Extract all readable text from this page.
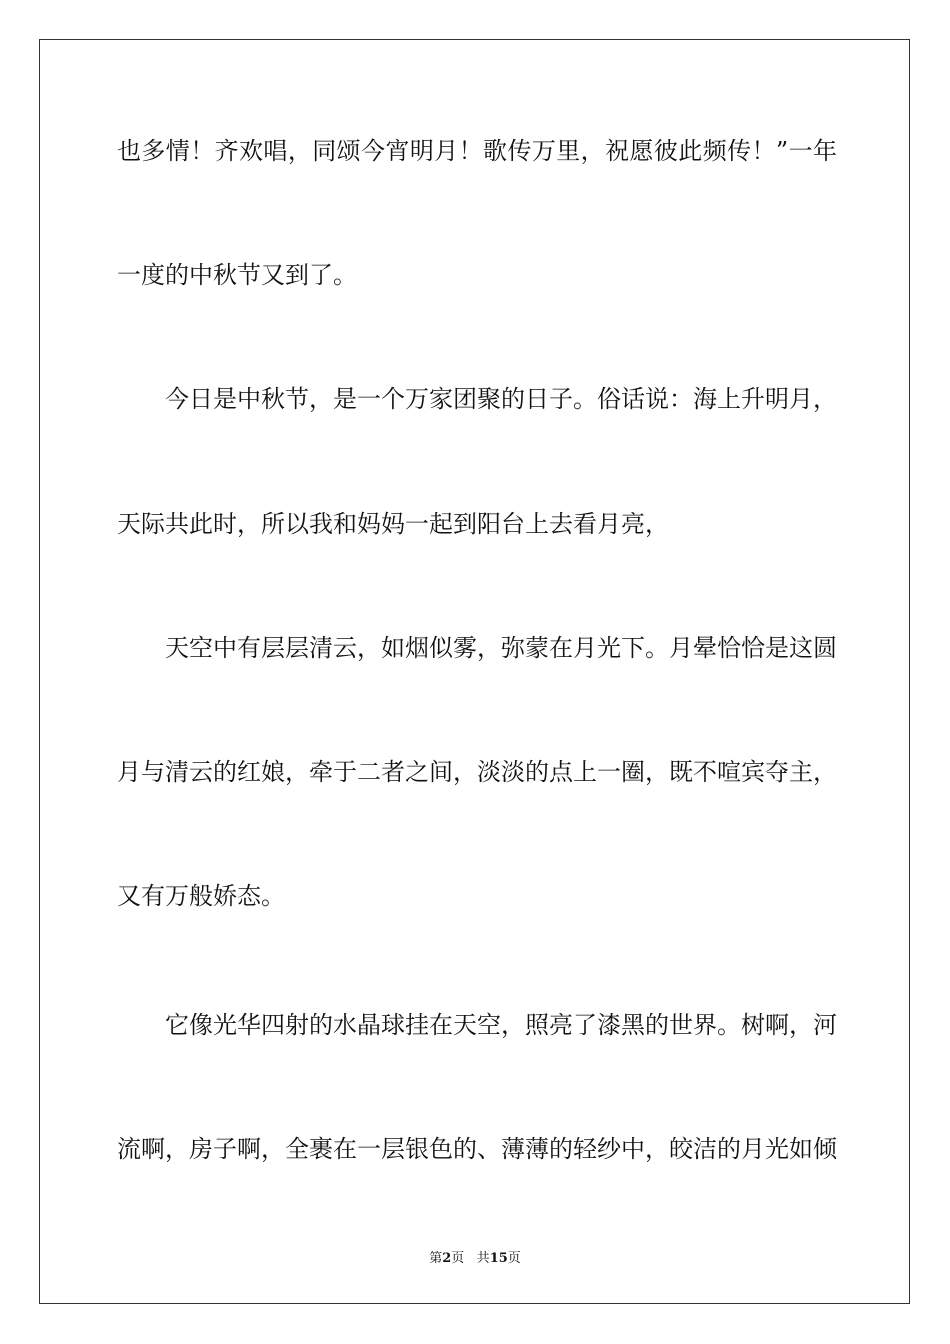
也多情！齐欢唱，同颂今宵明月！歌传万里，祝愿彼此频传！”一年
一度的中秋节又到了。
今日是中秋节，是一个万家团聚的日子。俗话说：海上升明月，
天际共此时，所以我和妈妈一起到阳台上去看月亮，
天空中有层层清云，如烟似雾，弥蒙在月光下。月晕恰恰是这圆
月与清云的红娘，牵于二者之间，淡淡的点上一圈，既不喧宾夺主，
又有万般娇态。
它像光华四射的水晶球挂在天空，照亮了漆黑的世界。树啊，河
流啊，房子啊，全裹在一层银色的、薄薄的轻纱中，皎洁的月光如倾
第2页 共15页
